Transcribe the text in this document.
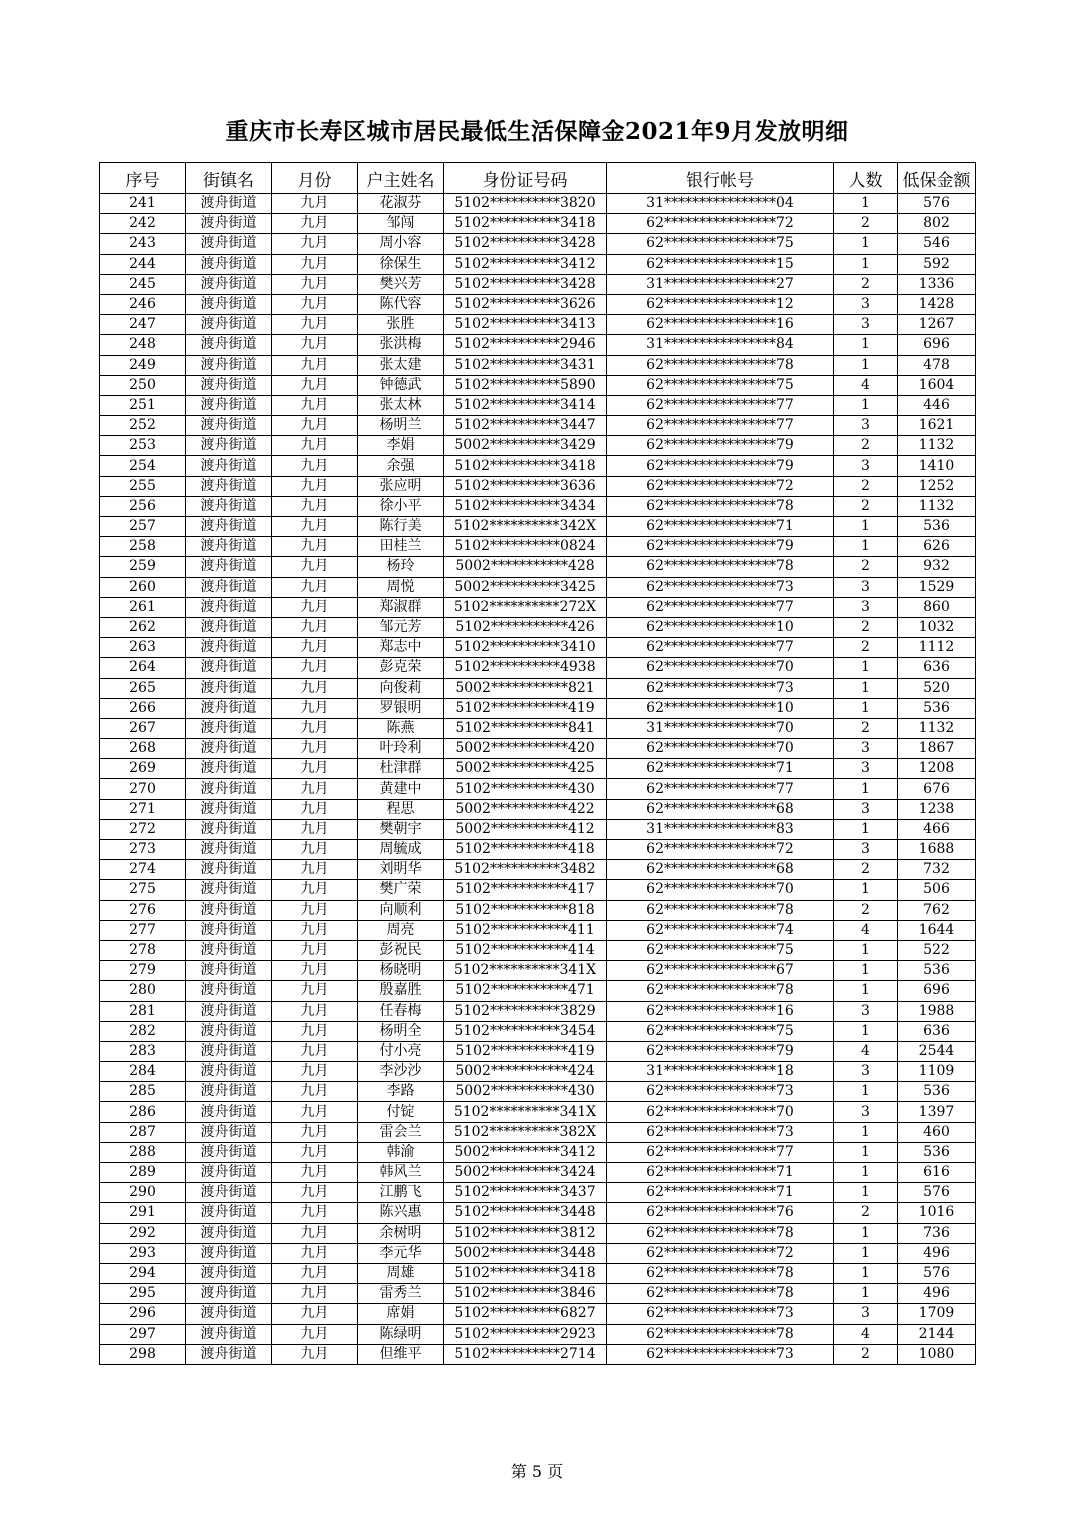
重庆市长寿区城市居民最低生活保障金2021年9月发放明细
序号	街镇名	月份	户主姓名	身份证号码	银行帐号	人数	低保金额
241	渡舟街道	九月	花淑芬	5102**********3820	31****************04	1	576
242	渡舟街道	九月	邹闯	5102**********3418	62****************72	2	802
243	渡舟街道	九月	周小容	5102**********3428	62****************75	1	546
244	渡舟街道	九月	徐保生	5102**********3412	62****************15	1	592
245	渡舟街道	九月	樊兴芳	5102**********3428	31****************27	2	1336
246	渡舟街道	九月	陈代容	5102**********3626	62****************12	3	1428
247	渡舟街道	九月	张胜	5102**********3413	62****************16	3	1267
248	渡舟街道	九月	张洪梅	5102**********2946	31****************84	1	696
249	渡舟街道	九月	张太建	5102**********3431	62****************78	1	478
250	渡舟街道	九月	钟德武	5102**********5890	62****************75	4	1604
251	渡舟街道	九月	张太林	5102**********3414	62****************77	1	446
252	渡舟街道	九月	杨明兰	5102**********3447	62****************77	3	1621
253	渡舟街道	九月	李娟	5002**********3429	62****************79	2	1132
254	渡舟街道	九月	余强	5102**********3418	62****************79	3	1410
255	渡舟街道	九月	张应明	5102**********3636	62****************72	2	1252
256	渡舟街道	九月	徐小平	5102**********3434	62****************78	2	1132
257	渡舟街道	九月	陈行美	5102**********342X	62****************71	1	536
258	渡舟街道	九月	田桂兰	5102**********0824	62****************79	1	626
259	渡舟街道	九月	杨玲	5002***********428	62****************78	2	932
260	渡舟街道	九月	周悦	5002**********3425	62****************73	3	1529
261	渡舟街道	九月	郑淑群	5102**********272X	62****************77	3	860
262	渡舟街道	九月	邹元芳	5102***********426	62****************10	2	1032
263	渡舟街道	九月	郑志中	5102**********3410	62****************77	2	1112
264	渡舟街道	九月	彭克荣	5102**********4938	62****************70	1	636
265	渡舟街道	九月	向俊莉	5002***********821	62****************73	1	520
266	渡舟街道	九月	罗银明	5102***********419	62****************10	1	536
267	渡舟街道	九月	陈燕	5102***********841	31****************70	2	1132
268	渡舟街道	九月	叶玲利	5002***********420	62****************70	3	1867
269	渡舟街道	九月	杜津群	5002***********425	62****************71	3	1208
270	渡舟街道	九月	黄建中	5102***********430	62****************77	1	676
271	渡舟街道	九月	程思	5002***********422	62****************68	3	1238
272	渡舟街道	九月	樊朝宇	5002***********412	31****************83	1	466
273	渡舟街道	九月	周毓成	5102***********418	62****************72	3	1688
274	渡舟街道	九月	刘明华	5102**********3482	62****************68	2	732
275	渡舟街道	九月	樊广荣	5102***********417	62****************70	1	506
276	渡舟街道	九月	向顺利	5102***********818	62****************78	2	762
277	渡舟街道	九月	周亮	5102***********411	62****************74	4	1644
278	渡舟街道	九月	彭祝民	5102***********414	62****************75	1	522
279	渡舟街道	九月	杨晓明	5102**********341X	62****************67	1	536
280	渡舟街道	九月	殷嘉胜	5102***********471	62****************78	1	696
281	渡舟街道	九月	任春梅	5102**********3829	62****************16	3	1988
282	渡舟街道	九月	杨明全	5102**********3454	62****************75	1	636
283	渡舟街道	九月	付小亮	5102***********419	62****************79	4	2544
284	渡舟街道	九月	李沙沙	5002***********424	31****************18	3	1109
285	渡舟街道	九月	李路	5002***********430	62****************73	1	536
286	渡舟街道	九月	付锭	5102**********341X	62****************70	3	1397
287	渡舟街道	九月	雷会兰	5102**********382X	62****************73	1	460
288	渡舟街道	九月	韩渝	5002**********3412	62****************77	1	536
289	渡舟街道	九月	韩风兰	5002**********3424	62****************71	1	616
290	渡舟街道	九月	江鹏飞	5102**********3437	62****************71	1	576
291	渡舟街道	九月	陈兴惠	5102**********3448	62****************76	2	1016
292	渡舟街道	九月	余树明	5102**********3812	62****************78	1	736
293	渡舟街道	九月	李元华	5002**********3448	62****************72	1	496
294	渡舟街道	九月	周雄	5102**********3418	62****************78	1	576
295	渡舟街道	九月	雷秀兰	5102**********3846	62****************78	1	496
296	渡舟街道	九月	席娟	5102**********6827	62****************73	3	1709
297	渡舟街道	九月	陈绿明	5102**********2923	62****************78	4	2144
298	渡舟街道	九月	但维平	5102**********2714	62****************73	2	1080
第 5 页
